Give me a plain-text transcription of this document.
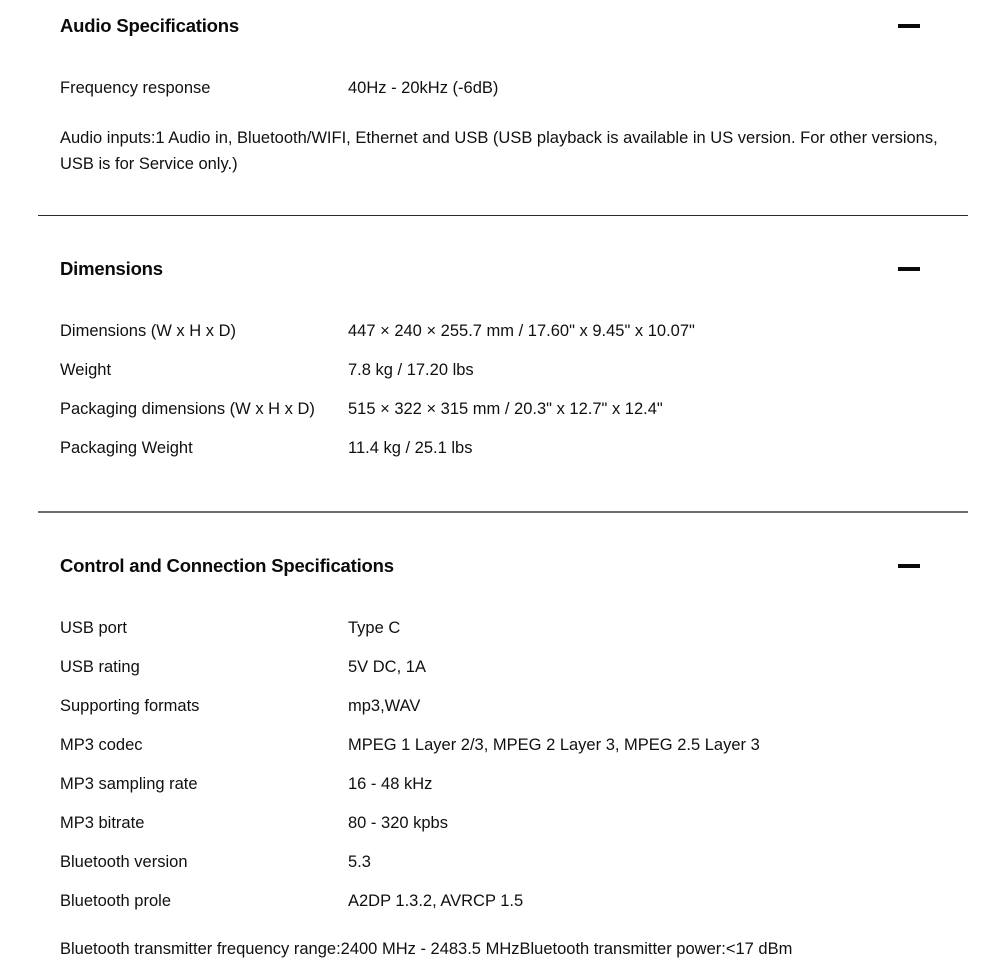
Audio Specifications
Frequency response	40Hz - 20kHz (-6dB)
Audio inputs:1 Audio in, Bluetooth/WIFI, Ethernet and USB (USB playback is available in US version. For other versions, USB is for Service only.)
Dimensions
Dimensions (W x H x D)	447 × 240 × 255.7 mm / 17.60" x 9.45" x 10.07"
Weight	7.8 kg / 17.20 lbs
Packaging dimensions (W x H x D)	515 × 322 × 315 mm / 20.3" x 12.7" x 12.4"
Packaging Weight	11.4 kg / 25.1 lbs
Control and Connection Specifications
USB port	Type C
USB rating	5V DC, 1A
Supporting formats	mp3,WAV
MP3 codec	MPEG 1 Layer 2/3, MPEG 2 Layer 3, MPEG 2.5 Layer 3
MP3 sampling rate	16 - 48 kHz
MP3 bitrate	80 - 320 kpbs
Bluetooth version	5.3
Bluetooth prole	A2DP 1.3.2, AVRCP 1.5
Bluetooth transmitter frequency range:2400 MHz - 2483.5 MHzBluetooth transmitter power:<17 dBm
